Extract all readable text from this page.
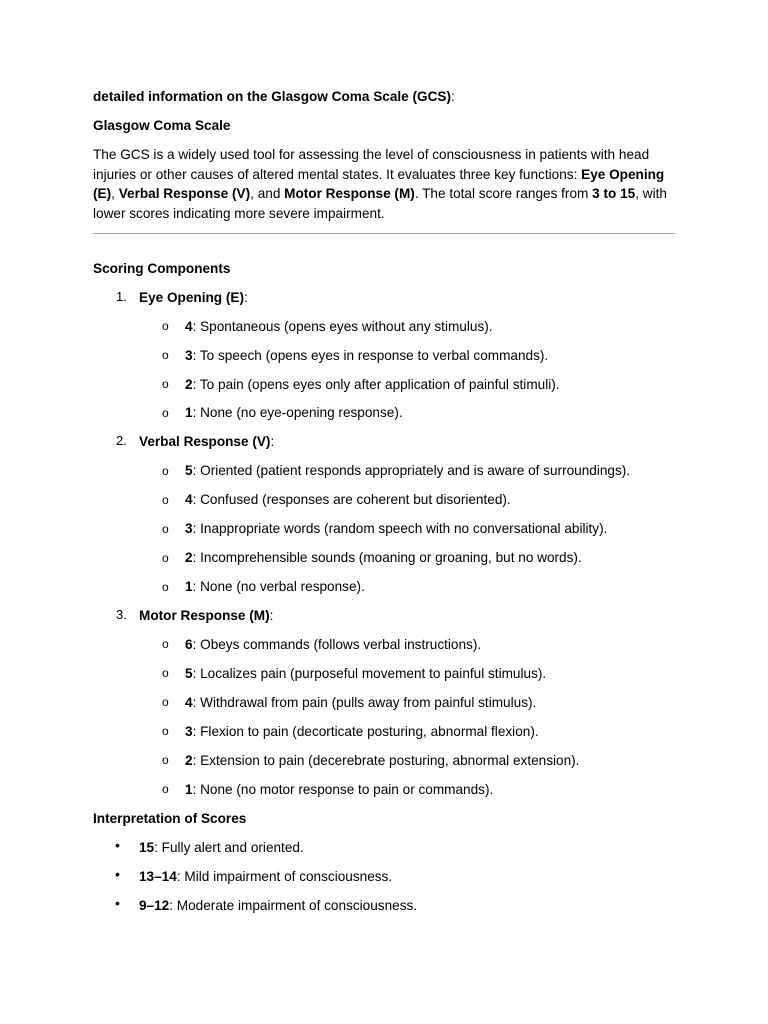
detailed information on the Glasgow Coma Scale (GCS):
Glasgow Coma Scale
The GCS is a widely used tool for assessing the level of consciousness in patients with head injuries or other causes of altered mental states. It evaluates three key functions: Eye Opening (E), Verbal Response (V), and Motor Response (M). The total score ranges from 3 to 15, with lower scores indicating more severe impairment.
Scoring Components
1. Eye Opening (E):
o 4: Spontaneous (opens eyes without any stimulus).
o 3: To speech (opens eyes in response to verbal commands).
o 2: To pain (opens eyes only after application of painful stimuli).
o 1: None (no eye-opening response).
2. Verbal Response (V):
o 5: Oriented (patient responds appropriately and is aware of surroundings).
o 4: Confused (responses are coherent but disoriented).
o 3: Inappropriate words (random speech with no conversational ability).
o 2: Incomprehensible sounds (moaning or groaning, but no words).
o 1: None (no verbal response).
3. Motor Response (M):
o 6: Obeys commands (follows verbal instructions).
o 5: Localizes pain (purposeful movement to painful stimulus).
o 4: Withdrawal from pain (pulls away from painful stimulus).
o 3: Flexion to pain (decorticate posturing, abnormal flexion).
o 2: Extension to pain (decerebrate posturing, abnormal extension).
o 1: None (no motor response to pain or commands).
Interpretation of Scores
• 15: Fully alert and oriented.
• 13–14: Mild impairment of consciousness.
• 9–12: Moderate impairment of consciousness.
